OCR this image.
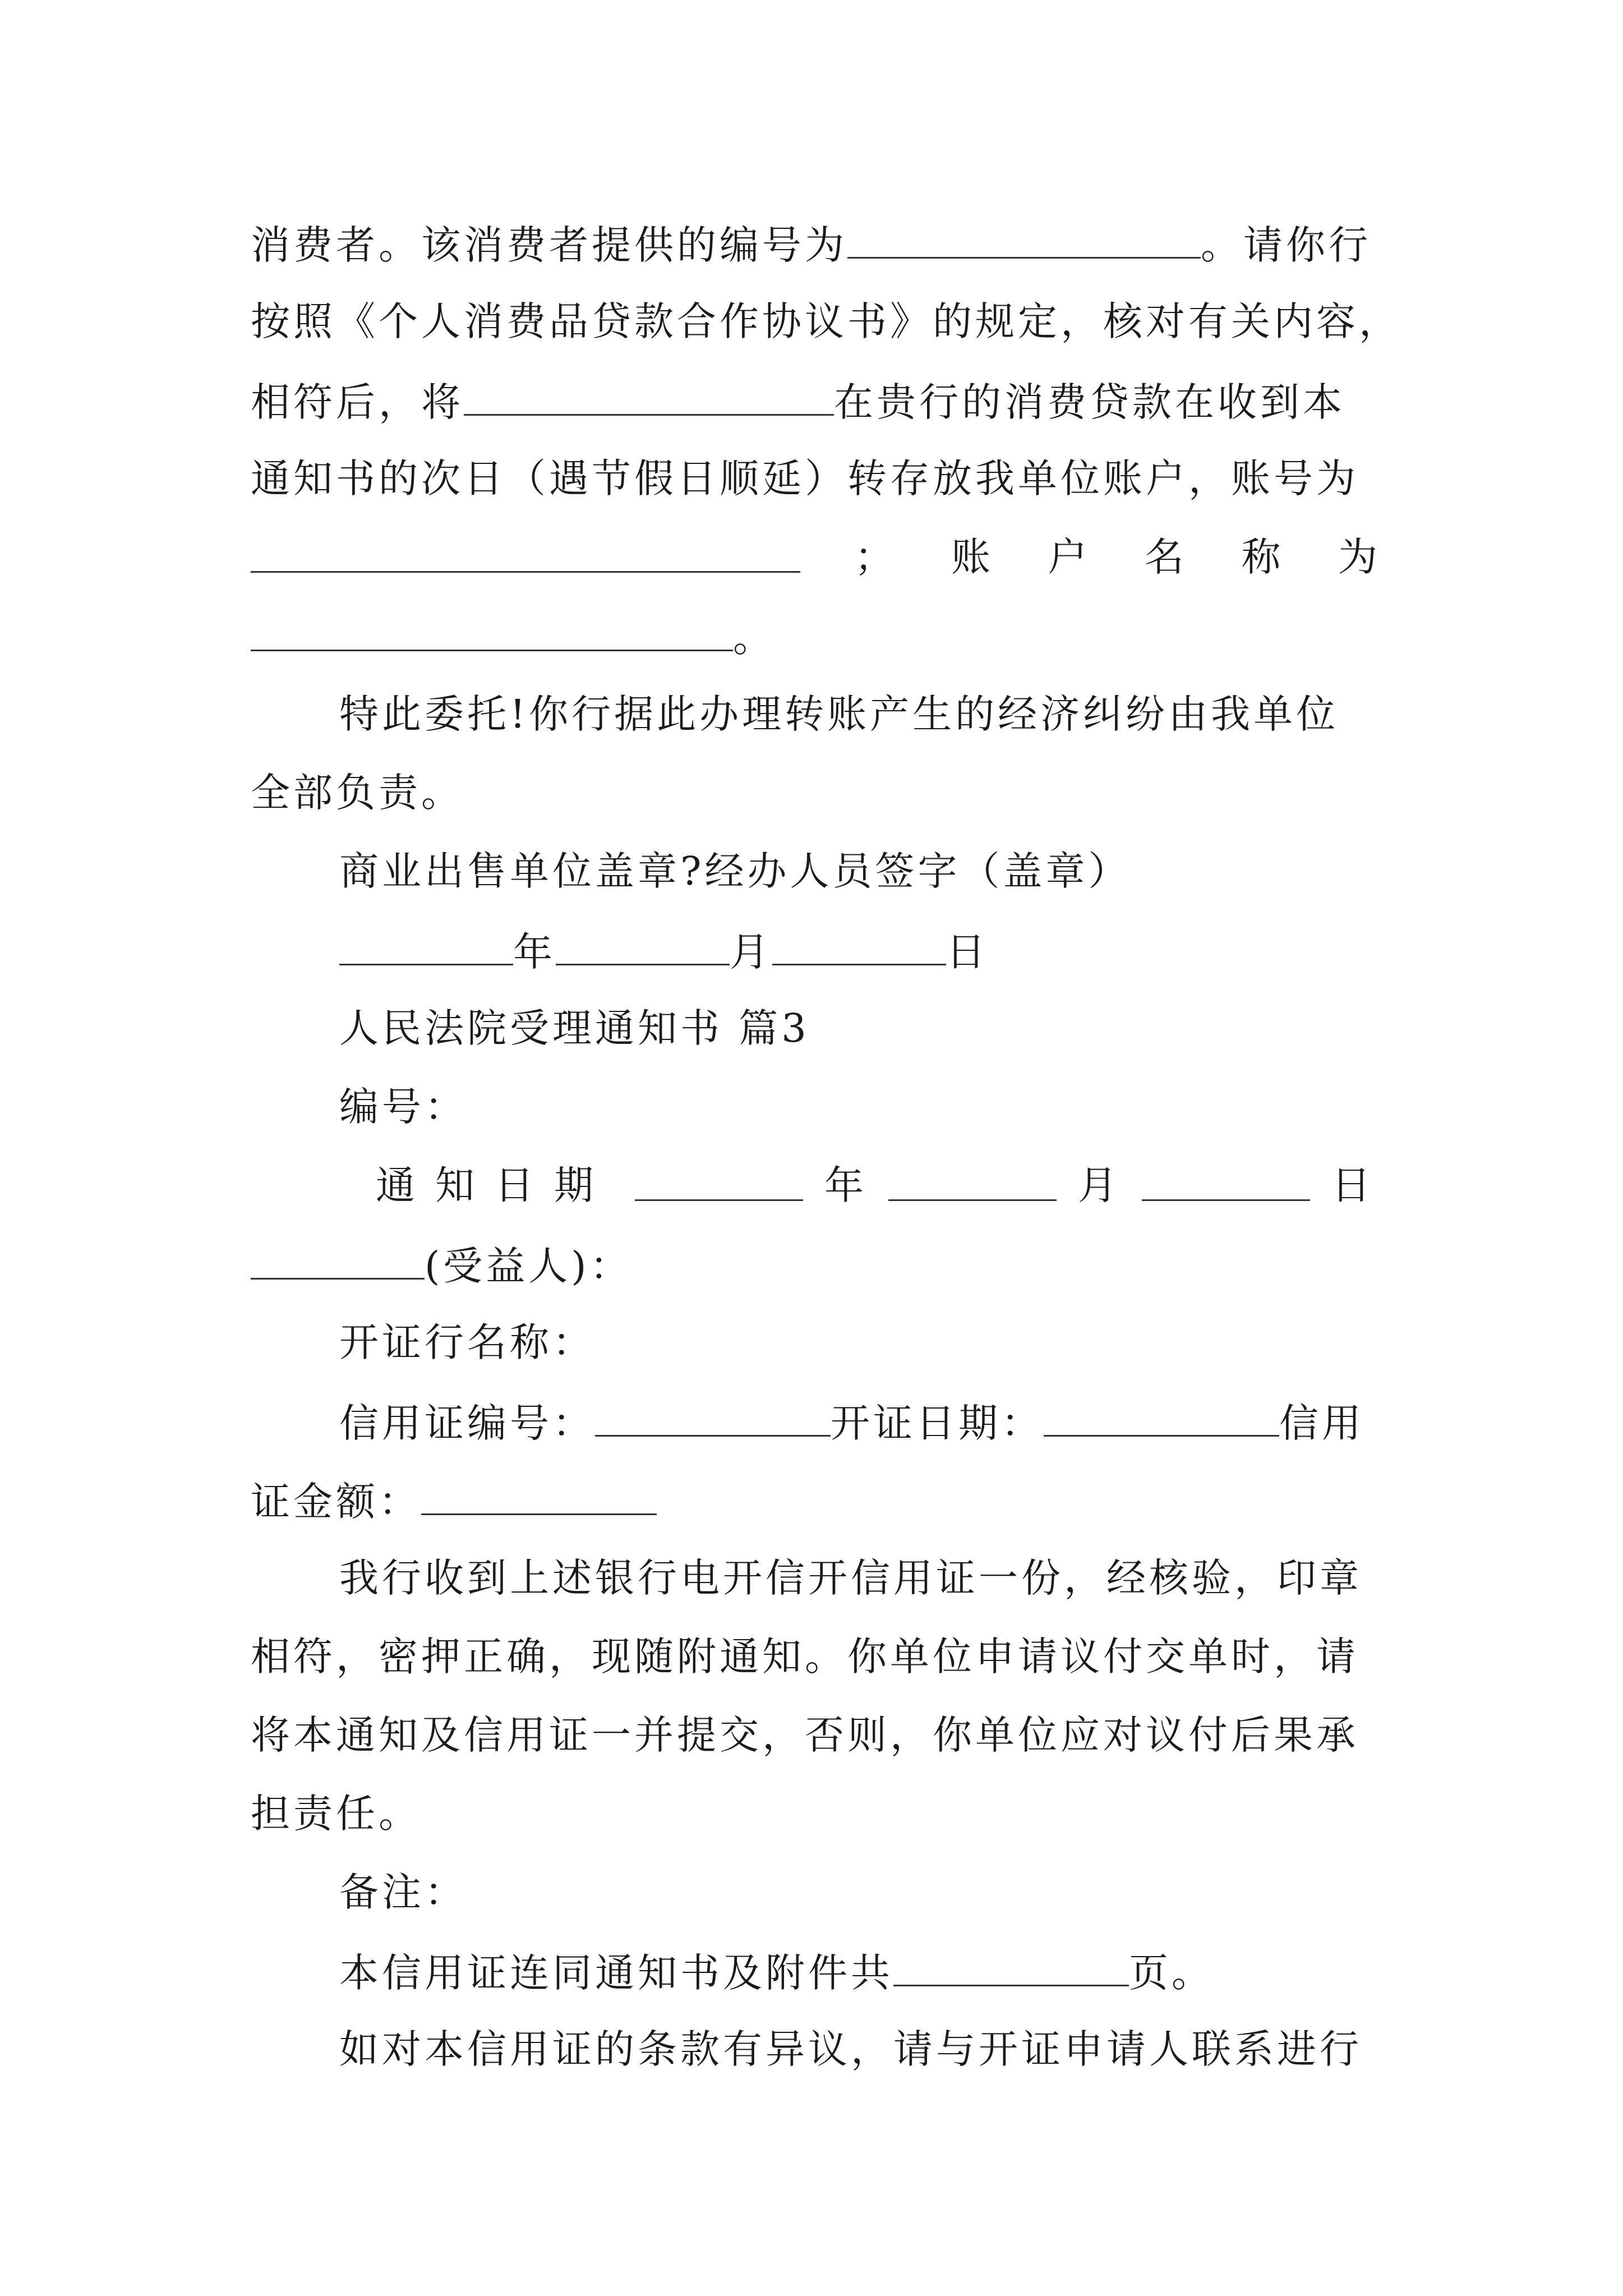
消费者。该消费者提供的编号为	。请你行
按照《个人消费品贷款合作协议书》的规定，核对有关内容，
相符后，将	在贵行的消费贷款在收到本
通知书的次日（遇节假日顺延）转存放我单位账户，账号为
； 账 户 名 称 为
。
特此委托!你行据此办理转账产生的经济纠纷由我单位
全部负责。
商业出售单位盖章?经办人员签字（盖章）
年	月	日
人民法院受理通知书 篇3
编号：
通知日期	年	月	日
(受益人)：
开证行名称：
信用证编号：	开证日期：	信用
证金额：
我行收到上述银行电开信开信用证一份，经核验，印章
相符，密押正确，现随附通知。你单位申请议付交单时，请
将本通知及信用证一并提交，否则，你单位应对议付后果承
担责任。
备注：
本信用证连同通知书及附件共	页。
如对本信用证的条款有异议，请与开证申请人联系进行
